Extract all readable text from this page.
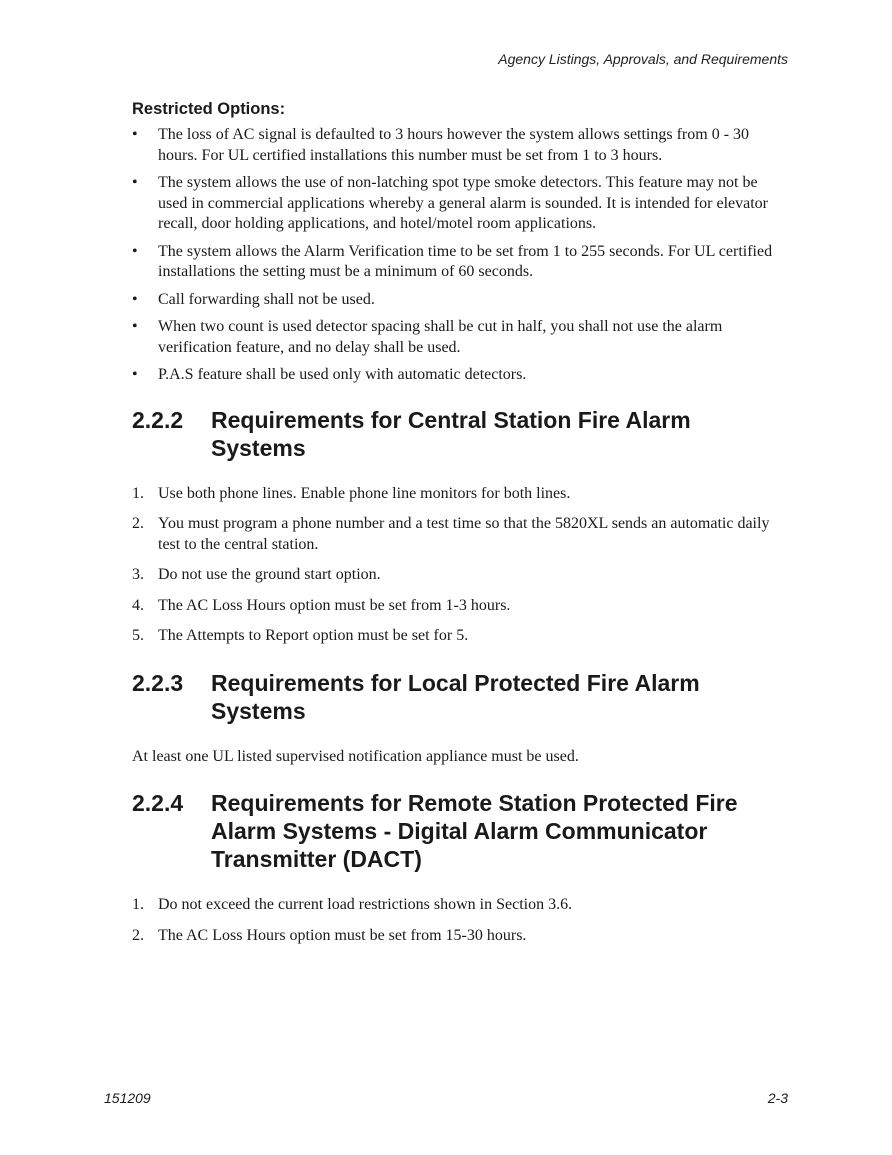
Agency Listings, Approvals, and Requirements
Restricted Options:
• The loss of AC signal is defaulted to 3 hours however the system allows settings from 0 - 30 hours. For UL certified installations this number must be set from 1 to 3 hours.
• The system allows the use of non-latching spot type smoke detectors. This feature may not be used in commercial applications whereby a general alarm is sounded. It is intended for elevator recall, door holding applications, and hotel/motel room applications.
• The system allows the Alarm Verification time to be set from 1 to 255 seconds. For UL certified installations the setting must be a minimum of 60 seconds.
• Call forwarding shall not be used.
• When two count is used detector spacing shall be cut in half, you shall not use the alarm verification feature, and no delay shall be used.
• P.A.S feature shall be used only with automatic detectors.
2.2.2	Requirements for Central Station Fire Alarm Systems
1. Use both phone lines. Enable phone line monitors for both lines.
2. You must program a phone number and a test time so that the 5820XL sends an automatic daily test to the central station.
3. Do not use the ground start option.
4. The AC Loss Hours option must be set from 1-3 hours.
5. The Attempts to Report option must be set for 5.
2.2.3	Requirements for Local Protected Fire Alarm Systems

At least one UL listed supervised notification appliance must be used.

2.2.4	Requirements for Remote Station Protected Fire Alarm Systems - Digital Alarm Communicator Transmitter (DACT)
1. Do not exceed the current load restrictions shown in Section 3.6.
2. The AC Loss Hours option must be set from 15-30 hours.
151209	2-3
